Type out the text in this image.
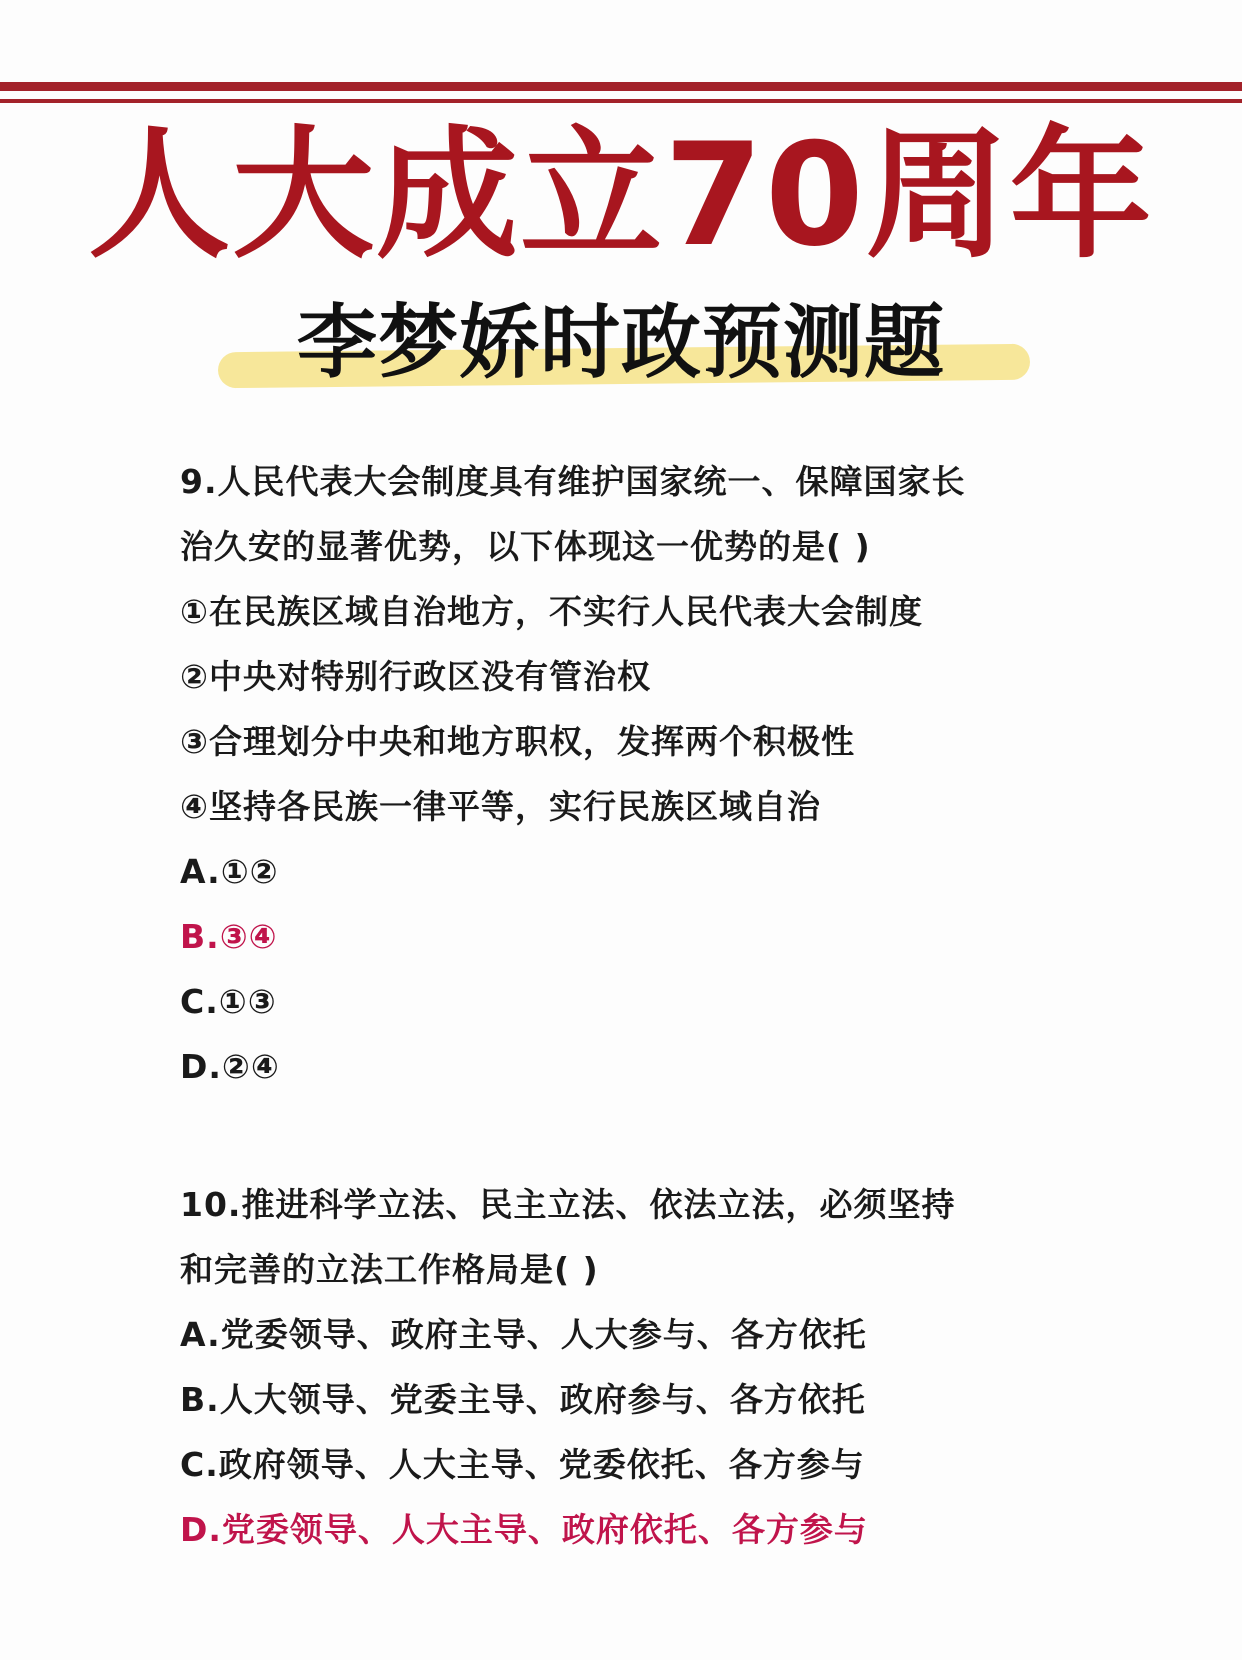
人大成立70周年
李梦娇时政预测题
9.人民代表大会制度具有维护国家统一、保障国家长
治久安的显著优势，以下体现这一优势的是( )
①在民族区域自治地方，不实行人民代表大会制度
②中央对特别行政区没有管治权
③合理划分中央和地方职权，发挥两个积极性
④坚持各民族一律平等，实行民族区域自治
A.①②
B.③④
C.①③
D.②④
10.推进科学立法、民主立法、依法立法，必须坚持
和完善的立法工作格局是( )
A.党委领导、政府主导、人大参与、各方依托
B.人大领导、党委主导、政府参与、各方依托
C.政府领导、人大主导、党委依托、各方参与
D.党委领导、人大主导、政府依托、各方参与
